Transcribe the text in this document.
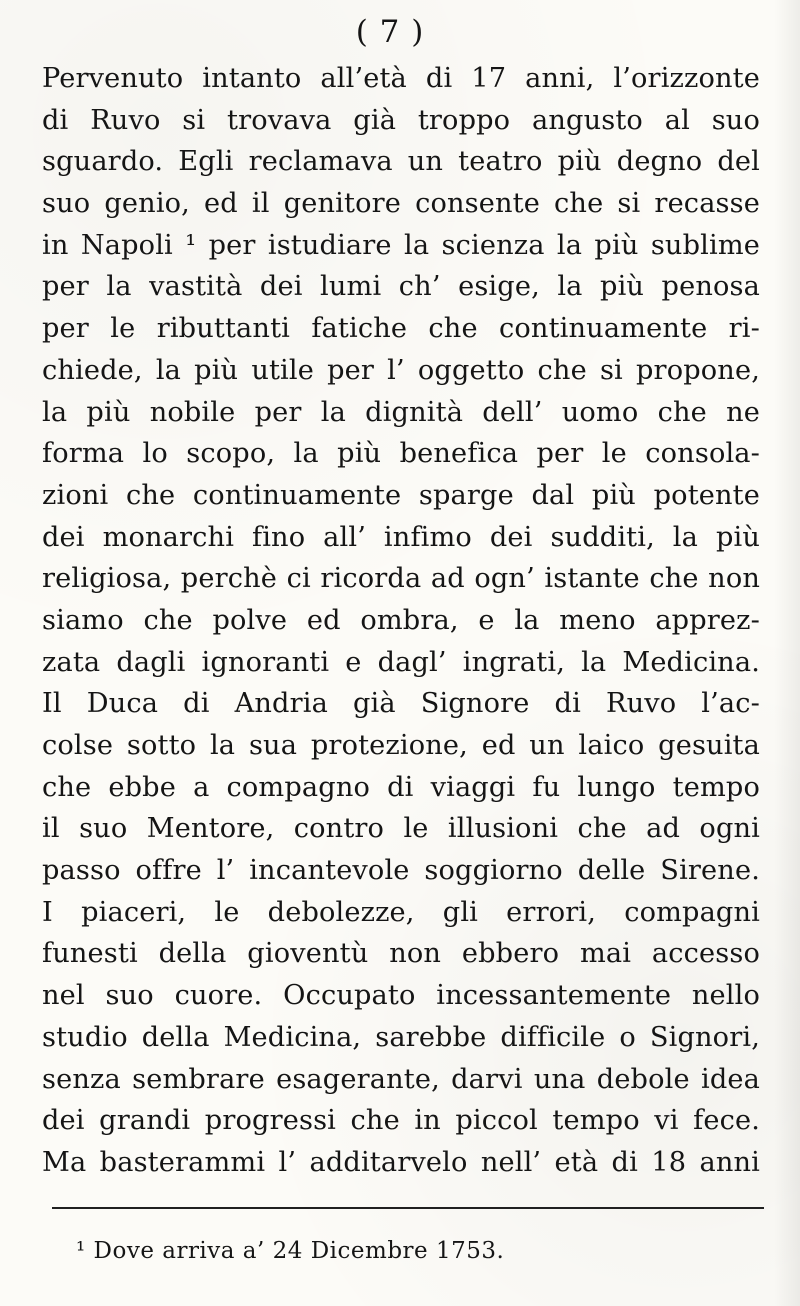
( 7 )
Pervenuto intanto all’età di 17 anni, l’orizzonte
di Ruvo si trovava già troppo angusto al suo
sguardo. Egli reclamava un teatro più degno del
suo genio, ed il genitore consente che si recasse
in Napoli ¹ per istudiare la scienza la più sublime
per la vastità dei lumi ch’ esige, la più penosa
per le ributtanti fatiche che continuamente ri-
chiede, la più utile per l’ oggetto che si propone,
la più nobile per la dignità dell’ uomo che ne
forma lo scopo, la più benefica per le consola-
zioni che continuamente sparge dal più potente
dei monarchi fino all’ infimo dei sudditi, la più
religiosa, perchè ci ricorda ad ogn’ istante che non
siamo che polve ed ombra, e la meno apprez-
zata dagli ignoranti e dagl’ ingrati, la Medicina.
Il Duca di Andria già Signore di Ruvo l’ac-
colse sotto la sua protezione, ed un laico gesuita
che ebbe a compagno di viaggi fu lungo tempo
il suo Mentore, contro le illusioni che ad ogni
passo offre l’ incantevole soggiorno delle Sirene.
I piaceri, le debolezze, gli errori, compagni
funesti della gioventù non ebbero mai accesso
nel suo cuore. Occupato incessantemente nello
studio della Medicina, sarebbe difficile o Signori,
senza sembrare esagerante, darvi una debole idea
dei grandi progressi che in piccol tempo vi fece.
Ma basterammi l’ additarvelo nell’ età di 18 anni
¹ Dove arriva a’ 24 Dicembre 1753.
